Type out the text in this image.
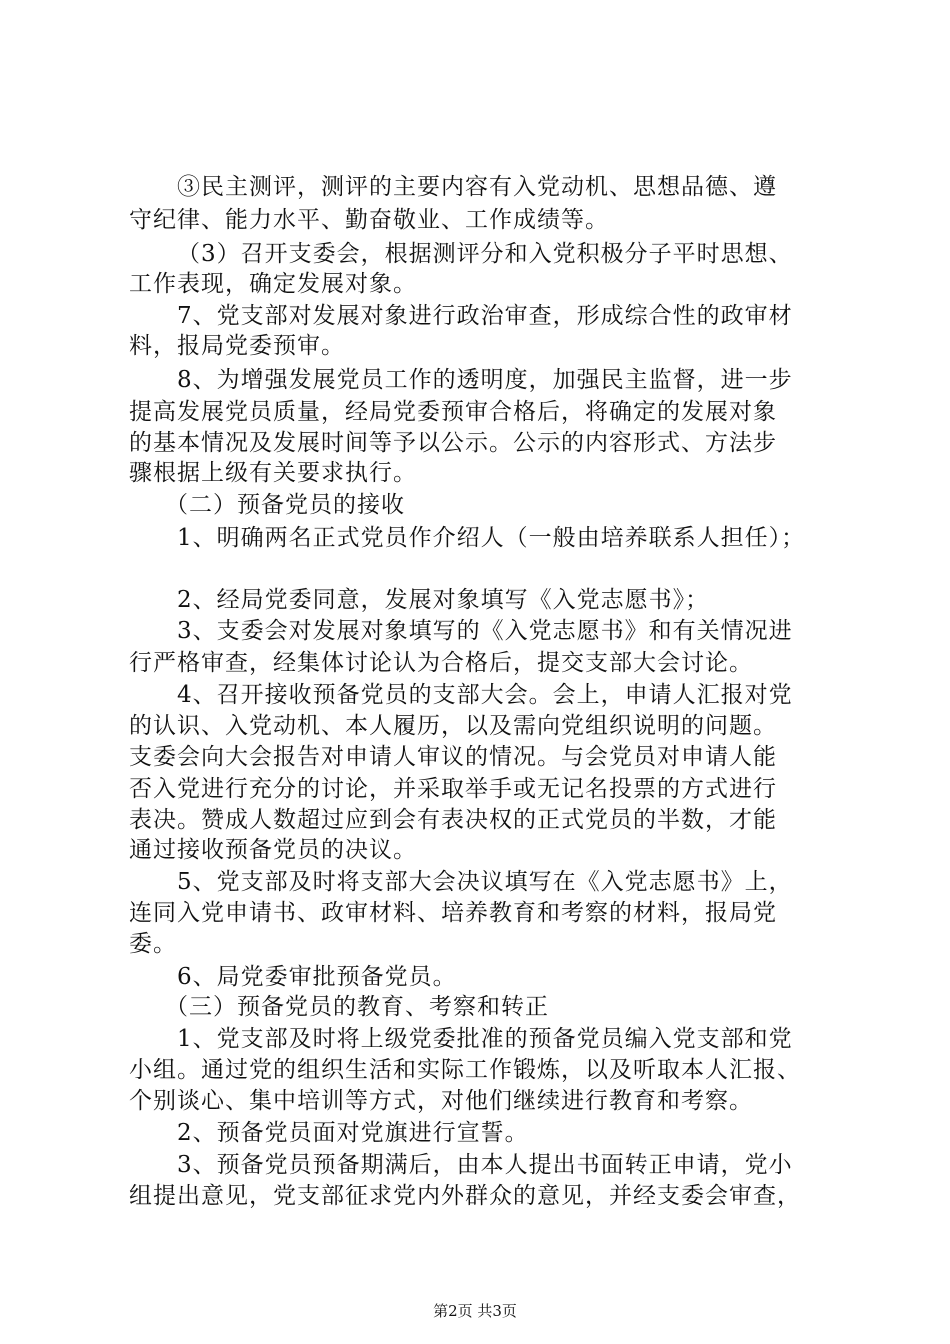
③民主测评，测评的主要内容有入党动机、思想品德、遵
守纪律、能力水平、勤奋敬业、工作成绩等。
（3）召开支委会，根据测评分和入党积极分子平时思想、
工作表现，确定发展对象。
7、党支部对发展对象进行政治审查，形成综合性的政审材
料，报局党委预审。
8、为增强发展党员工作的透明度，加强民主监督，进一步
提高发展党员质量，经局党委预审合格后，将确定的发展对象
的基本情况及发展时间等予以公示。公示的内容形式、方法步
骤根据上级有关要求执行。
（二）预备党员的接收
1、明确两名正式党员作介绍人（一般由培养联系人担任）；
2、经局党委同意，发展对象填写《入党志愿书》；
3、支委会对发展对象填写的《入党志愿书》和有关情况进
行严格审查，经集体讨论认为合格后，提交支部大会讨论。
4、召开接收预备党员的支部大会。会上，申请人汇报对党
的认识、入党动机、本人履历，以及需向党组织说明的问题。
支委会向大会报告对申请人审议的情况。与会党员对申请人能
否入党进行充分的讨论，并采取举手或无记名投票的方式进行
表决。赞成人数超过应到会有表决权的正式党员的半数，才能
通过接收预备党员的决议。
5、党支部及时将支部大会决议填写在《入党志愿书》上，
连同入党申请书、政审材料、培养教育和考察的材料，报局党
委。
6、局党委审批预备党员。
（三）预备党员的教育、考察和转正
1、党支部及时将上级党委批准的预备党员编入党支部和党
小组。通过党的组织生活和实际工作锻炼，以及听取本人汇报、
个别谈心、集中培训等方式，对他们继续进行教育和考察。
2、预备党员面对党旗进行宣誓。
3、预备党员预备期满后，由本人提出书面转正申请，党小
组提出意见，党支部征求党内外群众的意见，并经支委会审查，
第2页 共3页
